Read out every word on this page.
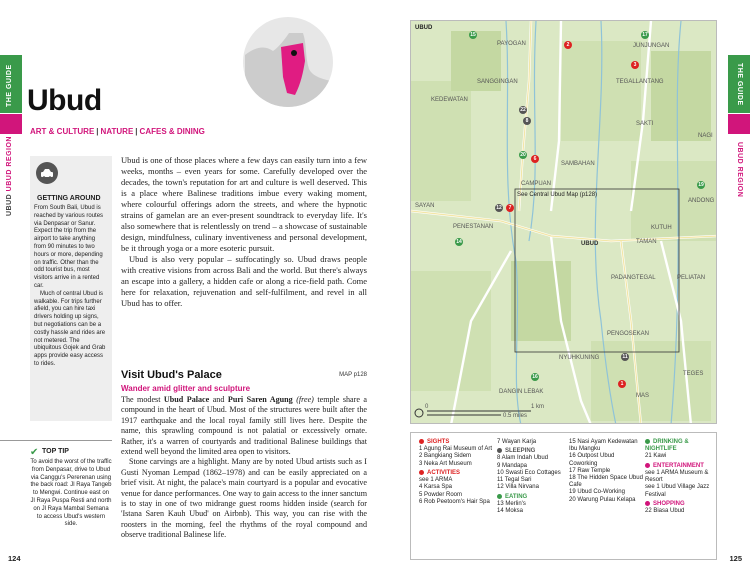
THE GUIDE
UBUD UBUD REGION
Ubud
ART & CULTURE | NATURE | CAFES & DINING
GETTING AROUND

From South Bali, Ubud is reached by various routes via Denpasar or Sanur. Expect the trip from the airport to take anything from 90 minutes to two hours or more, depending on traffic. Other than the odd tourist bus, most visitors arrive in a rented car.

Much of central Ubud is walkable. For trips further afield, you can hire taxi drivers holding up signs, but negotiations can be a costly hassle and rides are not metered. The ubiquitous Gojek and Grab apps provide easy access to rides.

✔ TOP TIP
To avoid the worst of the traffic from Denpasar, drive to Ubud via Canggu's Pererenan using the back road: Jl Raya Tangeb to Mengwi. Continue east on Jl Raya Puspa Resti and north on Jl Raya Mambal Semana to access Ubud's western side.

Ubud is one of those places where a few days can easily turn into a few weeks, months – even years for some. Carefully developed over the decades, the town's reputation for art and culture is well deserved. This is a place where Balinese traditions imbue every waking moment, where colourful offerings adorn the streets, and where the hypnotic strains of gamelan are an ever-present soundtrack to everyday life. It's also somewhere that is relentlessly on trend – a showcase of sustainable design, mindfulness, culinary inventiveness and personal development, be it through yoga or a more esoteric pursuit.

Ubud is also very popular – suffocatingly so. Ubud draws people with creative visions from across Bali and the world. But there's always an escape into a gallery, a hidden cafe or along a rice-field path. Come here for relaxation, rejuvenation and self-fulfilment, and revel in all Ubud has to offer.

Visit Ubud's Palace	MAP p128
Wander amid glitter and sculpture

The modest Ubud Palace and Puri Saren Agung (free) temple share a compound in the heart of Ubud. Most of the structures were built after the 1917 earthquake and the local royal family still lives here. Despite the name, this sprawling compound is not palatial or excessively ornate. Rather, it's a warren of courtyards and traditional Balinese buildings that extend well beyond the limited area open to visitors.

Stone carvings are a highlight. Many are by noted Ubud artists such as I Gusti Nyoman Lempad (1862–1978) and can be easily appreciated on a brief visit. At night, the palace's main courtyard is a popular and evocative venue for dance performances. One way to gain access to the inner sanctum is to stay in one of two midrange guest rooms hidden inside (search for 'Istana Saren Kauh Ubud' on Airbnb). This way, you can rise with the roosters in the morning, feel the rhythms of the royal compound and observe traditional Balinese life.

124
THE GUIDE
UBUD REGION
125
UBUD
See Central Ubud Map (p128)
PAYOGAN	JUNJUNGAN
SANGGINGAN	TEGALLANTANG
KEDEWATAN
SAKTI
NAGI
SAMBAHAN
CAMPUAN
ANDONG
SAYAN
PENESTANAN	KUTUH
UBUD	TAMAN
PADANGTEGAL	PELIATAN
PENGOSEKAN
TEGES
NYUHKUNING
DANGIN LEBAK
MAS
0	1 km
0.5 miles
2
15	17
3
22
8
20
6
12	7
14
19
11
16
1
SIGHTS
1 Agung Rai Museum of Art
2 Bangkiang Sidem
3 Neka Art Museum
ACTIVITIES
see 1 ARMA
4 Karsa Spa
5 Powder Room
6 Rob Peetoom's Hair Spa
7 Wayan Karja
SLEEPING
8 Alam Indah Ubud
9 Mandapa
10 Swasti Eco Cottages
11 Tegal Sari
12 Villa Nirvana
EATING
13 Merlin's
14 Moksa
15 Nasi Ayam Kedewatan Ibu Mangku
16 Outpost Ubud Coworking
17 Raw Temple
18 The Hidden Space Ubud Cafe
19 Ubud Co-Working
20 Warung Pulau Kelapa
DRINKING & NIGHTLIFE
21 Kawi
ENTERTAINMENT
see 1 ARMA Museum & Resort
see 1 Ubud Village Jazz Festival
SHOPPING
22 Biasa Ubud
